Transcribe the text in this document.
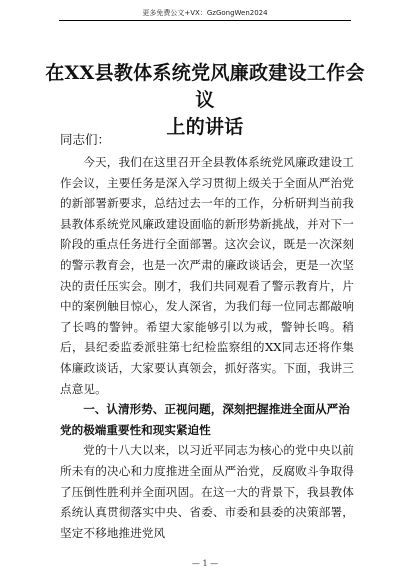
更多免费公文+VX：GzGongWen2024
在XX县教体系统党风廉政建设工作会议
上的讲话
同志们：

今天，我们在这里召开全县教体系统党风廉政建设工作会议，主要任务是深入学习贯彻上级关于全面从严治党的新部署新要求，总结过去一年的工作，分析研判当前我县教体系统党风廉政建设面临的新形势新挑战，并对下一阶段的重点任务进行全面部署。这次会议，既是一次深刻的警示教育会，也是一次严肃的廉政谈话会，更是一次坚决的责任压实会。刚才，我们共同观看了警示教育片，片中的案例触目惊心，发人深省，为我们每一位同志都敲响了长鸣的警钟。希望大家能够引以为戒，警钟长鸣。稍后，县纪委监委派驻第七纪检监察组的XX同志还将作集体廉政谈话，大家要认真领会，抓好落实。下面，我讲三点意见。

一、认清形势、正视问题，深刻把握推进全面从严治党的极端重要性和现实紧迫性

党的十八大以来，以习近平同志为核心的党中央以前所未有的决心和力度推进全面从严治党，反腐败斗争取得了压倒性胜利并全面巩固。在这一大的背景下，我县教体系统认真贯彻落实中央、省委、市委和县委的决策部署，坚定不移地推进党风

— 1 —
